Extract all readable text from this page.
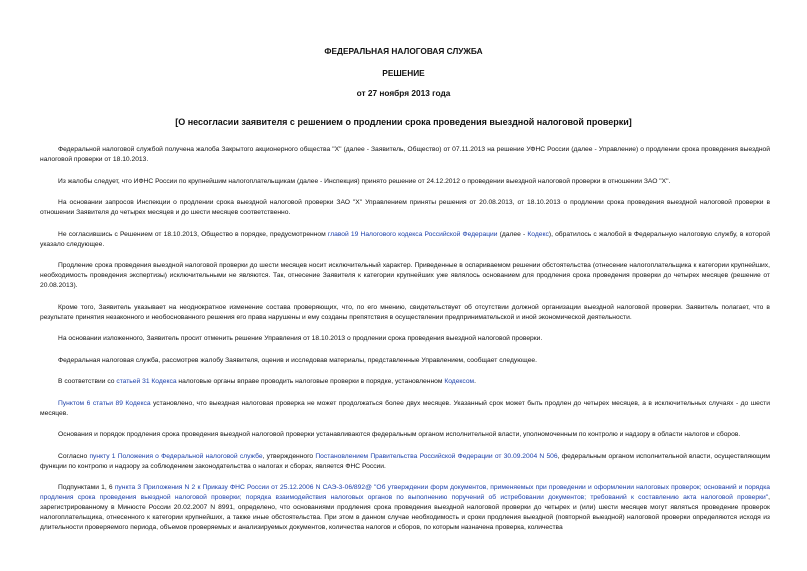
ФЕДЕРАЛЬНАЯ НАЛОГОВАЯ СЛУЖБА
РЕШЕНИЕ
от 27 ноября 2013 года
[О несогласии заявителя с решением о продлении срока проведения выездной налоговой проверки]

Федеральной налоговой службой получена жалоба Закрытого акционерного общества "X" (далее - Заявитель, Общество) от 07.11.2013 на решение УФНС России (далее - Управление) о продлении срока проведения выездной налоговой проверки от 18.10.2013.

Из жалобы следует, что ИФНС России по крупнейшим налогоплательщикам (далее - Инспекция) принято решение от 24.12.2012 о проведении выездной налоговой проверки в отношении ЗАО "X".

На основании запросов Инспекции о продлении срока выездной налоговой проверки ЗАО "X" Управлением приняты решения от 20.08.2013, от 18.10.2013 о продлении срока проведения выездной налоговой проверки в отношении Заявителя до четырех месяцев и до шести месяцев соответственно.

Не согласившись с Решением от 18.10.2013, Общество в порядке, предусмотренном главой 19 Налогового кодекса Российской Федерации (далее - Кодекс), обратилось с жалобой в Федеральную налоговую службу, в которой указало следующее.

Продление срока проведения выездной налоговой проверки до шести месяцев носит исключительный характер. Приведенные в оспариваемом решении обстоятельства (отнесение налогоплательщика к категории крупнейших, необходимость проведения экспертизы) исключительными не являются. Так, отнесение Заявителя к категории крупнейших уже являлось основанием для продления срока проведения проверки до четырех месяцев (решение от 20.08.2013).

Кроме того, Заявитель указывает на неоднократное изменение состава проверяющих, что, по его мнению, свидетельствует об отсутствии должной организации выездной налоговой проверки. Заявитель полагает, что в результате принятия незаконного и необоснованного решения его права нарушены и ему созданы препятствия в осуществлении предпринимательской и иной экономической деятельности.

На основании изложенного, Заявитель просит отменить решение Управления от 18.10.2013 о продлении срока проведения выездной налоговой проверки.

Федеральная налоговая служба, рассмотрев жалобу Заявителя, оценив и исследовав материалы, представленные Управлением, сообщает следующее.

В соответствии со статьей 31 Кодекса налоговые органы вправе проводить налоговые проверки в порядке, установленном Кодексом.

Пунктом 6 статьи 89 Кодекса установлено, что выездная налоговая проверка не может продолжаться более двух месяцев. Указанный срок может быть продлен до четырех месяцев, а в исключительных случаях - до шести месяцев.

Основания и порядок продления срока проведения выездной налоговой проверки устанавливаются федеральным органом исполнительной власти, уполномоченным по контролю и надзору в области налогов и сборов.

Согласно пункту 1 Положения о Федеральной налоговой службе, утвержденного Постановлением Правительства Российской Федерации от 30.09.2004 N 506, федеральным органом исполнительной власти, осуществляющим функции по контролю и надзору за соблюдением законодательства о налогах и сборах, является ФНС России.

Подпунктами 1, 6 пункта 3 Приложения N 2 к Приказу ФНС России от 25.12.2006 N САЭ-3-06/892@ "Об утверждении форм документов, применяемых при проведении и оформлении налоговых проверок; оснований и порядка продления срока проведения выездной налоговой проверки; порядка взаимодействия налоговых органов по выполнению поручений об истребовании документов; требований к составлению акта налоговой проверки", зарегистрированному в Минюсте России 20.02.2007 N 8991, определено, что основаниями продления срока проведения выездной налоговой проверки до четырех и (или) шести месяцев могут являться проведение проверок налогоплательщика, отнесенного к категории крупнейших, а также иные обстоятельства. При этом в данном случае необходимость и сроки продления выездной (повторной выездной) налоговой проверки определяются исходя из длительности проверяемого периода, объемов проверяемых и анализируемых документов, количества налогов и сборов, по которым назначена проверка, количества
